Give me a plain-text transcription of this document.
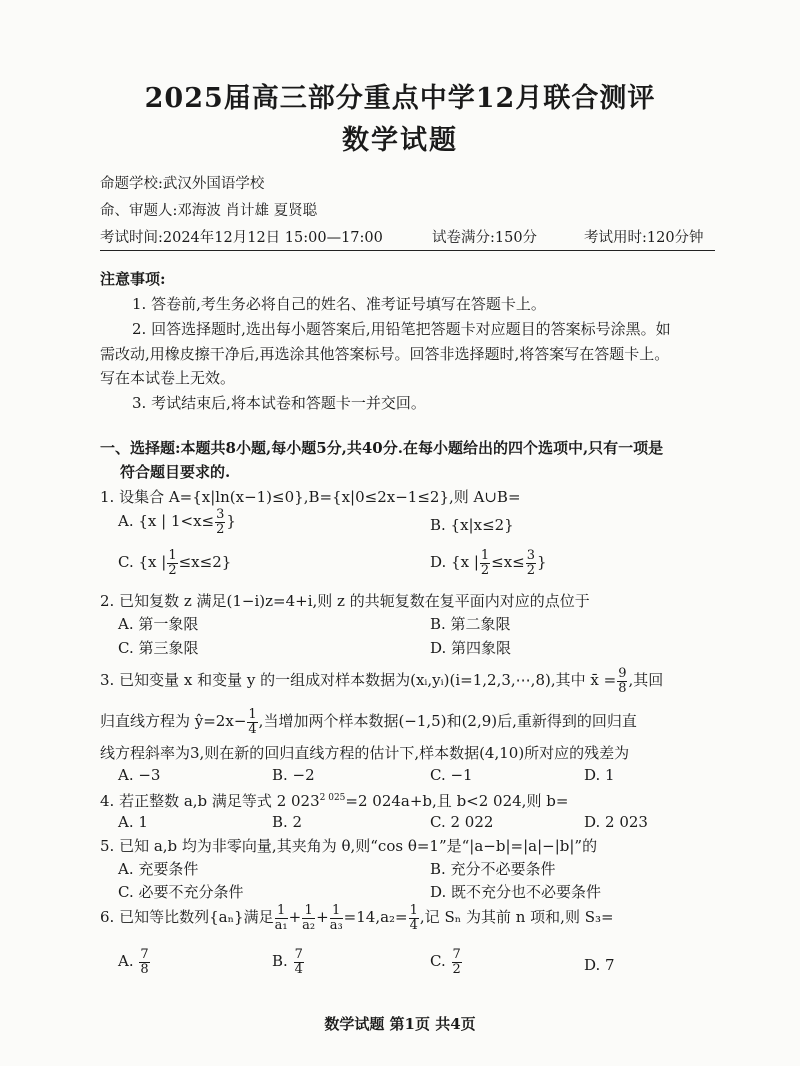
2025届高三部分重点中学12月联合测评
数学试题
命题学校:武汉外国语学校
命、审题人:邓海波 肖计雄 夏贤聪
考试时间:2024年12月12日 15:00—17:00	试卷满分:150分	考试用时:120分钟
注意事项:
1. 答卷前,考生务必将自己的姓名、准考证号填写在答题卡上。
2. 回答选择题时,选出每小题答案后,用铅笔把答题卡对应题目的答案标号涂黑。如
需改动,用橡皮擦干净后,再选涂其他答案标号。回答非选择题时,将答案写在答题卡上。
写在本试卷上无效。
3. 考试结束后,将本试卷和答题卡一并交回。
一、选择题:本题共8小题,每小题5分,共40分.在每小题给出的四个选项中,只有一项是
符合题目要求的.
1. 设集合 A={x|ln(x−1)≤0},B={x|0≤2x−1≤2},则 A∪B=
A. {x | $1<x\le \frac{3}{2}$ }	B. {x|x≤2}
C. {x | $\frac{1}{2} \le x\le 2$}	D. {x | $\frac{1}{2} \le x\le \frac{3}{2}$ }
2. 已知复数 z 满足(1−i)z=4+i,则 z 的共轭复数在复平面内对应的点位于
A. 第一象限	B. 第二象限
C. 第三象限	D. 第四象限
3. 已知变量 x 和变量 y 的一组成对样本数据为(xᵢ,yᵢ)(i=1,2,3,⋯,8),其中 x̄ = $\frac{9}{8}$ ,其回
归直线方程为 ŷ=2x− $\frac{1}{4}$ ,当增加两个样本数据(−1,5)和(2,9)后,重新得到的回归直
线方程斜率为3,则在新的回归直线方程的估计下,样本数据(4,10)所对应的残差为
A. −3	B. −2	C. −1	D. 1
4. 若正整数 a,b 满足等式 2 $023^{2 025}=2$ 024a+b,且 b<2 024,则 b=
A. 1	B. 2	C. 2 022	D. 2 023
5. 已知 a,b 均为非零向量,其夹角为 θ,则“cos θ=1”是“|a−b|=|a|−|b|”的
A. 充要条件	B. 充分不必要条件
C. 必要不充分条件	D. 既不充分也不必要条件
6. 已知等比数列{aₙ}满足 $\frac{1}{\text{a₁}} + \frac{1}{\text{a₂}} + \frac{1}{\text{a₃}} =14,a_2= \frac{1}{4}$ ,记 Sₙ 为其前 n 项和,则 S₃=
A. $\frac{7}{8}$	B. $\frac{7}{4}$	C. $\frac{7}{2}$	D. 7
数学试题 第1页 共4页
